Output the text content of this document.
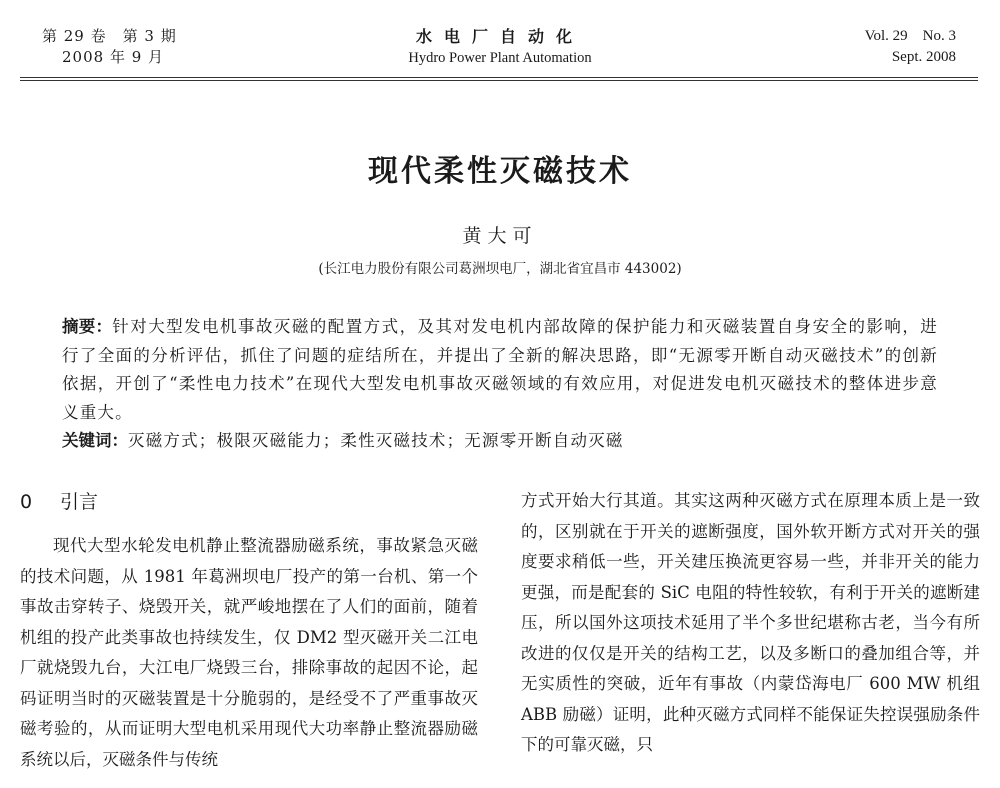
第 29 卷　第 3 期
2008 年 9 月
水电厂自动化
Hydro Power Plant Automation
Vol. 29　No. 3
Sept. 2008
现代柔性灭磁技术
黄大可
(长江电力股份有限公司葛洲坝电厂，湖北省宜昌市 443002)
摘要：针对大型发电机事故灭磁的配置方式，及其对发电机内部故障的保护能力和灭磁装置自身安全的影响，进行了全面的分析评估，抓住了问题的症结所在，并提出了全新的解决思路，即“无源零开断自动灭磁技术”的创新依据，开创了“柔性电力技术”在现代大型发电机事故灭磁领域的有效应用，对促进发电机灭磁技术的整体进步意义重大。
关键词：灭磁方式；极限灭磁能力；柔性灭磁技术；无源零开断自动灭磁
0 引言
现代大型水轮发电机静止整流器励磁系统，事故紧急灭磁的技术问题，从 1981 年葛洲坝电厂投产的第一台机、第一个事故击穿转子、烧毁开关，就严峻地摆在了人们的面前，随着机组的投产此类事故也持续发生，仅 DM2 型灭磁开关二江电厂就烧毁九台，大江电厂烧毁三台，排除事故的起因不论，起码证明当时的灭磁装置是十分脆弱的，是经受不了严重事故灭磁考验的，从而证明大型电机采用现代大功率静止整流器励磁系统以后，灭磁条件与传统
方式开始大行其道。其实这两种灭磁方式在原理本质上是一致的，区别就在于开关的遮断强度，国外软开断方式对开关的强度要求稍低一些，开关建压换流更容易一些，并非开关的能力更强，而是配套的 SiC 电阻的特性较软，有利于开关的遮断建压，所以国外这项技术延用了半个多世纪堪称古老，当今有所改进的仅仅是开关的结构工艺，以及多断口的叠加组合等，并无实质性的突破，近年有事故（内蒙岱海电厂 600 MW 机组 ABB 励磁）证明，此种灭磁方式同样不能保证失控误强励条件下的可靠灭磁，只
